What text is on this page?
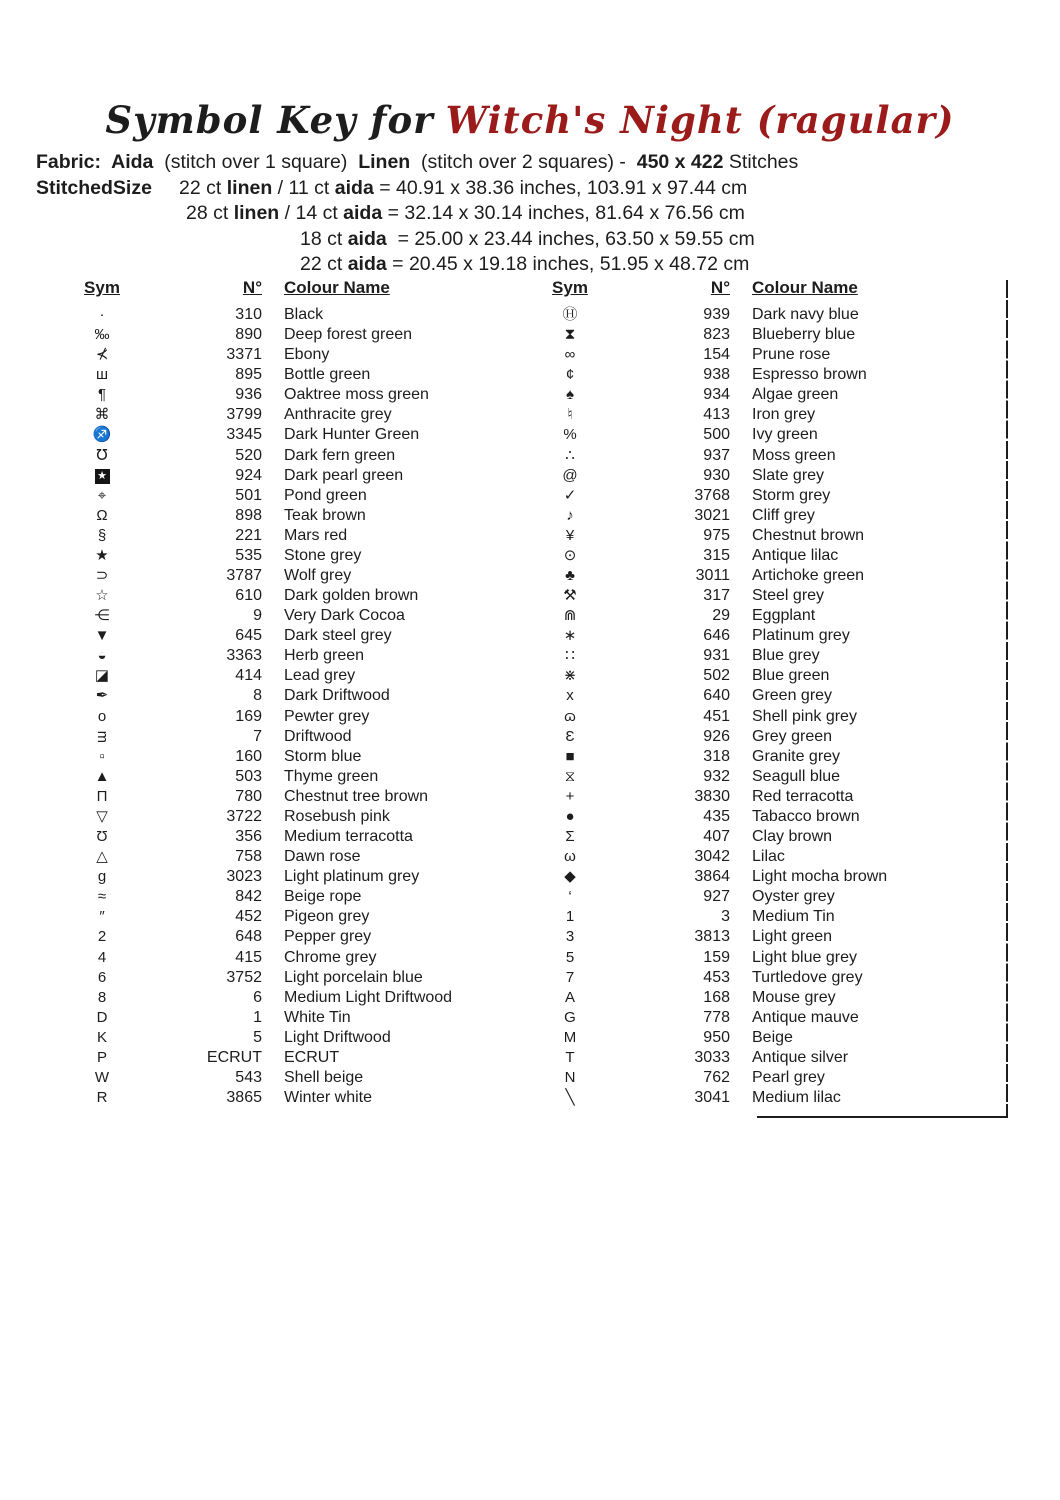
Symbol Key for Witch's Night (ragular)
Fabric:  Aida  (stitch over 1 square)  Linen  (stitch over 2 squares) -  450 x 422 Stitches
StitchedSize     22 ct linen / 11 ct aida = 40.91 x 38.36 inches, 103.91 x 97.44 cm
28 ct linen / 14 ct aida = 32.14 x 30.14 inches, 81.64 x 76.56 cm
18 ct aida  = 25.00 x 23.44 inches, 63.50 x 59.55 cm
22 ct aida = 20.45 x 19.18 inches, 51.95 x 48.72 cm
Sym	N° Colour Name
·	310 Black
‰	890 Deep forest green
⊀	3371 Ebony
ш	895 Bottle green
¶	936 Oaktree moss green
⌘	3799 Anthracite grey
♐	3345 Dark Hunter Green
℧	520 Dark fern green
★	924 Dark pearl green
⌖	501 Pond green
Ω	898 Teak brown
§	221 Mars red
★	535 Stone grey
⊃	3787 Wolf grey
☆	610 Dark golden brown
⋲	9 Very Dark Cocoa
▼	645 Dark steel grey
◒	3363 Herb green
◪	414 Lead grey
✒	8 Dark Driftwood
o	169 Pewter grey
ᴟ	7 Driftwood
▫	160 Storm blue
▲	503 Thyme green
Π	780 Chestnut tree brown
▽	3722 Rosebush pink
Ʊ	356 Medium terracotta
△	758 Dawn rose
g	3023 Light platinum grey
≈	842 Beige rope
″	452 Pigeon grey
2	648 Pepper grey
4	415 Chrome grey
6	3752 Light porcelain blue
8	6 Medium Light Driftwood
D	1 White Tin
K	5 Light Driftwood
P	ECRUT ECRUT
W	543 Shell beige
R	3865 Winter white
Sym	N° Colour Name
Ⓗ	939 Dark navy blue
⧗	823 Blueberry blue
∞	154 Prune rose
¢	938 Espresso brown
♠	934 Algae green
♮	413 Iron grey
%	500 Ivy green
∴	937 Moss green
@	930 Slate grey
✓	3768 Storm grey
♪	3021 Cliff grey
¥	975 Chestnut brown
⊙	315 Antique lilac
♣	3011 Artichoke green
⚒	317 Steel grey
⋒	29 Eggplant
∗	646 Platinum grey
∷	931 Blue grey
⋇	502 Blue green
x	640 Green grey
ɷ	451 Shell pink grey
Ɛ	926 Grey green
■	318 Granite grey
⧖	932 Seagull blue
+	3830 Red terracotta
●	435 Tabacco brown
Σ	407 Clay brown
ω	3042 Lilac
◆	3864 Light mocha brown
‘	927 Oyster grey
1	3 Medium Tin
3	3813 Light green
5	159 Light blue grey
7	453 Turtledove grey
A	168 Mouse grey
G	778 Antique mauve
M	950 Beige
T	3033 Antique silver
N	762 Pearl grey
╲	3041 Medium lilac
